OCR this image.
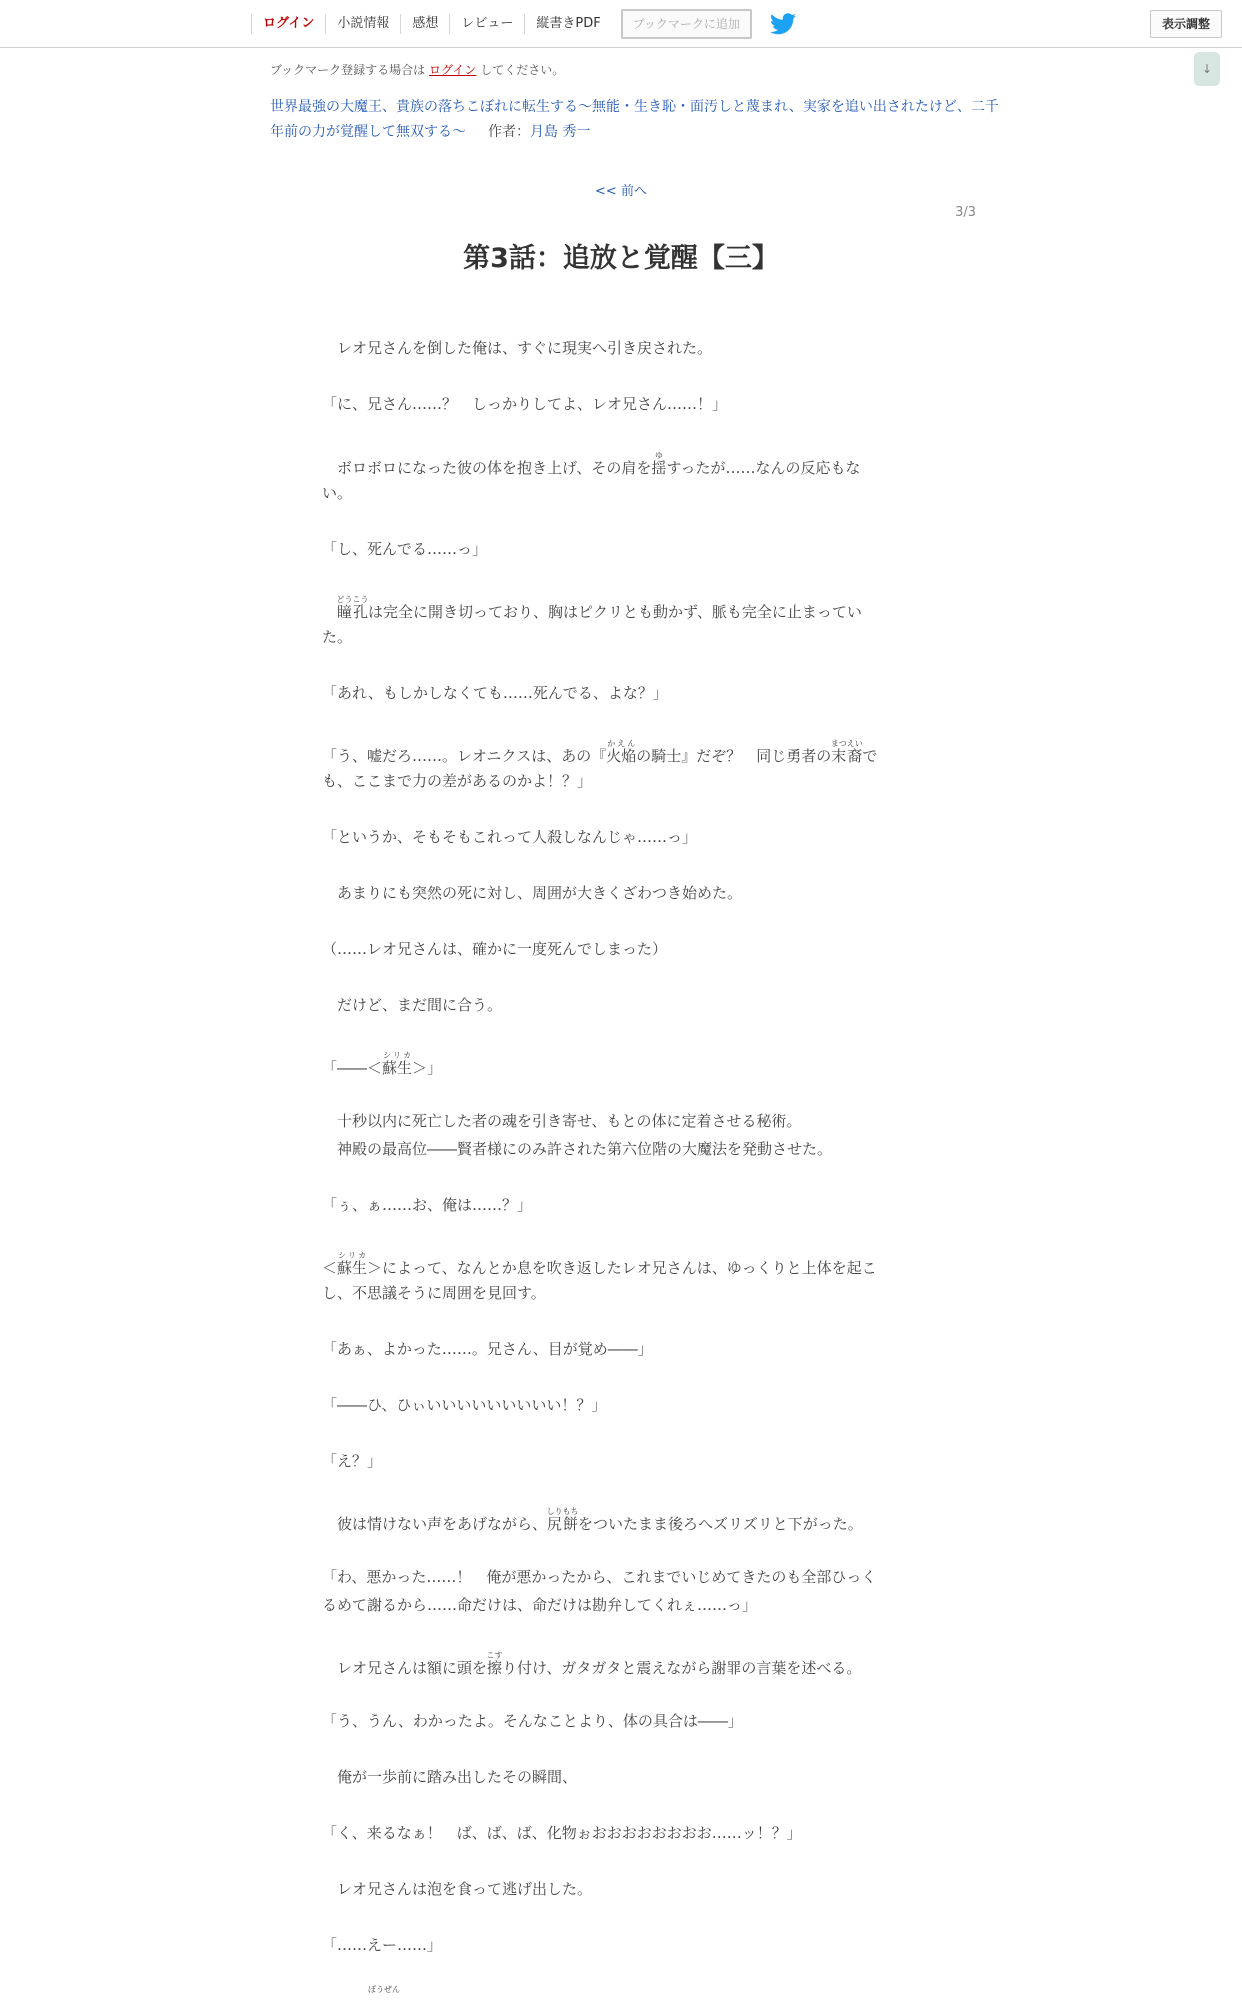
ログイン	小説情報	感想	レビュー	縦書きPDF	ブックマークに追加	表示調整
↓
ブックマーク登録する場合は ログイン してください。
世界最強の大魔王、貴族の落ちこぼれに転生する～無能・生き恥・面汚しと蔑まれ、実家を追い出されたけど、二千年前の力が覚醒して無双する～ 作者：月島 秀一
<< 前へ
3/3
第3話：追放と覚醒【三】
　レオ兄さんを倒した俺は、すぐに現実へ引き戻された。
「に、兄さん……？　しっかりしてよ、レオ兄さん……！」
　ボロボロになった彼の体を抱き上げ、その肩を揺ゆすったが……なんの反応もな
い。
「し、死んでる……っ」
　瞳孔どうこうは完全に開き切っており、胸はピクリとも動かず、脈も完全に止まってい
た。
「あれ、もしかしなくても……死んでる、よな？」
「う、嘘だろ……。レオニクスは、あの『火焔かえんの騎士』だぞ？　同じ勇者の末裔まつえいで
も、ここまで力の差があるのかよ！？」
「というか、そもそもこれって人殺しなんじゃ……っ」
　あまりにも突然の死に対し、周囲が大きくざわつき始めた。
（……レオ兄さんは、確かに一度死んでしまった）
　だけど、まだ間に合う。
「――＜蘇生シリカ＞」
　十秒以内に死亡した者の魂を引き寄せ、もとの体に定着させる秘術。
　神殿の最高位――賢者様にのみ許された第六位階の大魔法を発動させた。
「ぅ、ぁ……お、俺は……？」
＜蘇生シリカ＞によって、なんとか息を吹き返したレオ兄さんは、ゆっくりと上体を起こ
し、不思議そうに周囲を見回す。
「あぁ、よかった……。兄さん、目が覚め――」
「――ひ、ひぃいいいいいいいいい！？」
「え？」
　彼は情けない声をあげながら、尻餅しりもちをついたまま後ろへズリズリと下がった。
「わ、悪かった……！　俺が悪かったから、これまでいじめてきたのも全部ひっく
るめて謝るから……命だけは、命だけは勘弁してくれぇ……っ」
　レオ兄さんは額に頭を擦こすり付け、ガタガタと震えながら謝罪の言葉を述べる。
「う、うん、わかったよ。そんなことより、体の具合は――」
　俺が一歩前に踏み出したその瞬間、
「く、来るなぁ！　ば、ば、ば、化物ぉおおおおおおおお……ッ！？」
　レオ兄さんは泡を食って逃げ出した。
「……えー……」
ぼうぜん
